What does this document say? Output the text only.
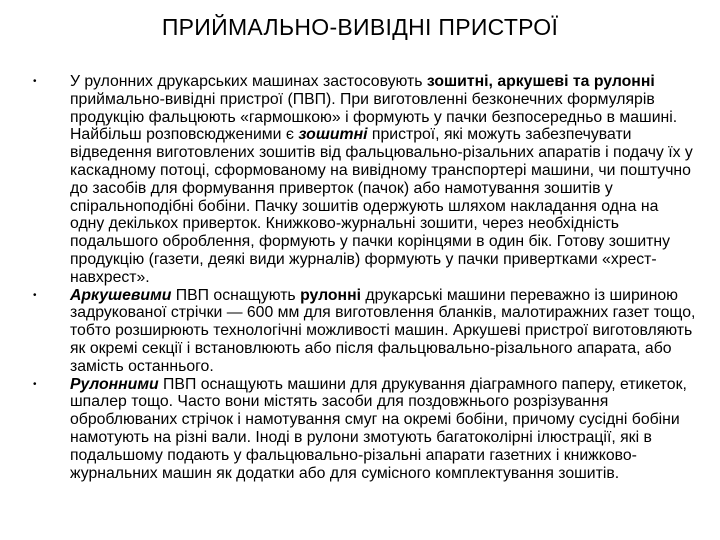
ПРИЙМАЛЬНО-ВИВІДНІ ПРИСТРОЇ
• У рулонних друкарських машинах застосовують зошитні, аркушеві та рулонні приймально-вивідні пристрої (ПВП). При виготовленні безконечних формулярів продукцію фальцюють «гармошкою» і формують у пачки безпосередньо в машині. Найбільш розповсюдженими є зошитні пристрої, які можуть забезпечувати відведення виготовлених зошитів від фальцювально-різальних апаратів і подачу їх у каскадному потоці, сформованому на вивідному транспортері машини, чи поштучно до засобів для формування приверток (пачок) або намотування зошитів у спіральноподібні бобіни. Пачку зошитів одержують шляхом накладання одна на одну декількох приверток. Книжково-журнальні зошити, через необхідність подальшого оброблення, формують у пачки корінцями в один бік. Готову зошитну продукцію (газети, деякі види журналів) формують у пачки привертками «хрест-навхрест».
• Аркушевими ПВП оснащують рулонні друкарські машини переважно із шириною задрукованої стрічки — 600 мм для виготовлення бланків, малотиражних газет тощо, тобто розширюють технологічні можливості машин. Аркушеві пристрої виготовляють як окремі секції і встановлюють або після фальцювально-різального апарата, або замість останнього.
• Рулонними ПВП оснащують машини для друкування діаграмного паперу, етикеток, шпалер тощо. Часто вони містять засоби для поздовжнього розрізування оброблюваних стрічок і намотування смуг на окремі бобіни, причому сусідні бобіни намотують на різні вали. Іноді в рулони змотують багатоколірні ілюстрації, які в подальшому подають у фальцювально-різальні апарати газетних і книжково-журнальних машин як додатки або для сумісного комплектування зошитів.
